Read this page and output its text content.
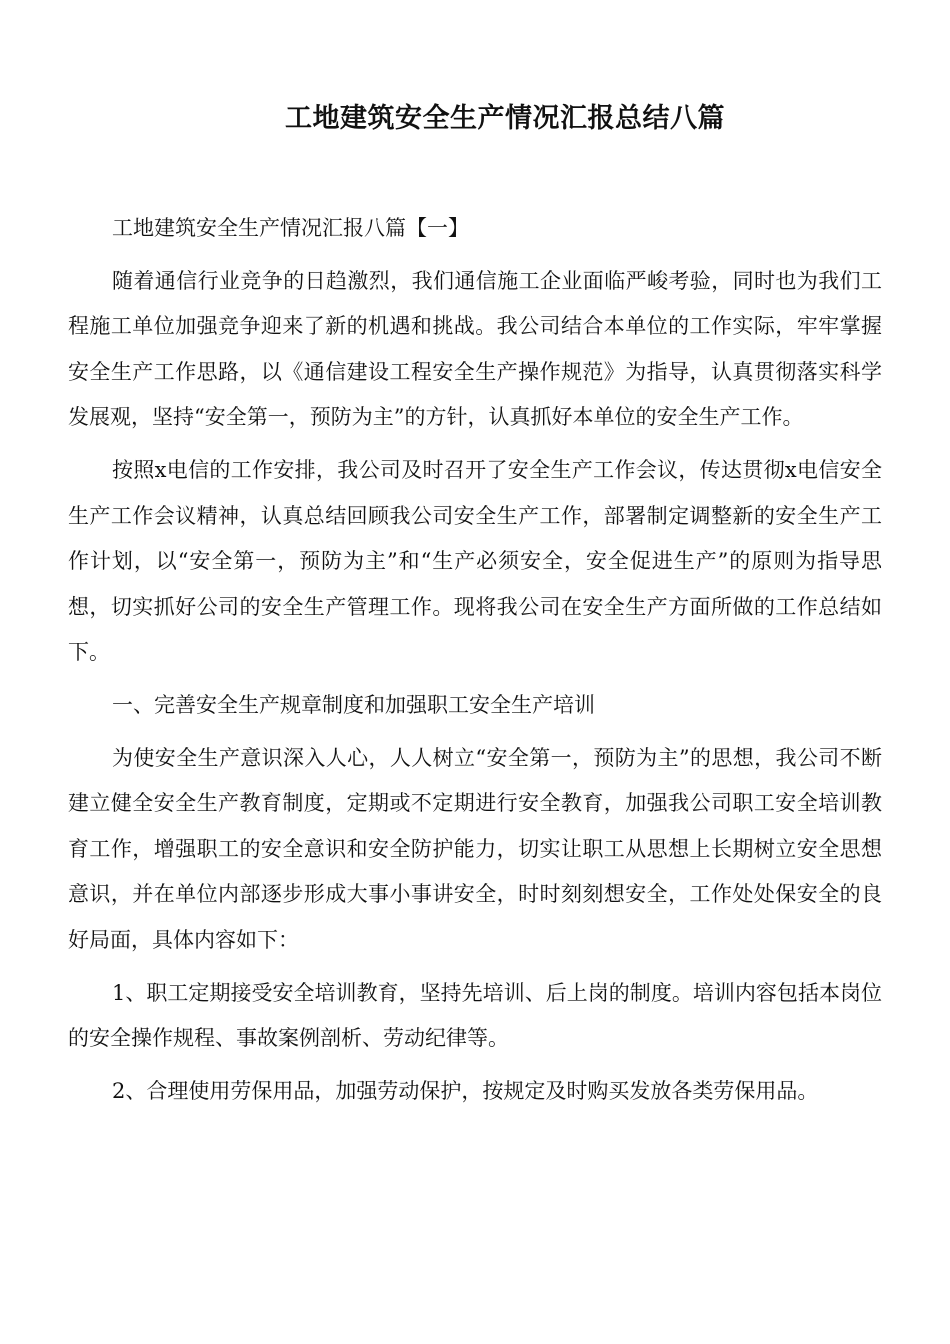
工地建筑安全生产情况汇报总结八篇

工地建筑安全生产情况汇报八篇【一】

随着通信行业竞争的日趋激烈，我们通信施工企业面临严峻考验，同时也为我们工程施工单位加强竞争迎来了新的机遇和挑战。我公司结合本单位的工作实际，牢牢掌握安全生产工作思路，以《通信建设工程安全生产操作规范》为指导，认真贯彻落实科学发展观，坚持“安全第一，预防为主”的方针，认真抓好本单位的安全生产工作。

按照x电信的工作安排，我公司及时召开了安全生产工作会议，传达贯彻x电信安全生产工作会议精神，认真总结回顾我公司安全生产工作，部署制定调整新的安全生产工作计划，以“安全第一，预防为主”和“生产必须安全，安全促进生产”的原则为指导思想，切实抓好公司的安全生产管理工作。现将我公司在安全生产方面所做的工作总结如下。

一、完善安全生产规章制度和加强职工安全生产培训

为使安全生产意识深入人心，人人树立“安全第一，预防为主”的思想，我公司不断建立健全安全生产教育制度，定期或不定期进行安全教育，加强我公司职工安全培训教育工作，增强职工的安全意识和安全防护能力，切实让职工从思想上长期树立安全思想意识，并在单位内部逐步形成大事小事讲安全，时时刻刻想安全，工作处处保安全的良好局面，具体内容如下：

1、职工定期接受安全培训教育，坚持先培训、后上岗的制度。培训内容包括本岗位的安全操作规程、事故案例剖析、劳动纪律等。

2、合理使用劳保用品，加强劳动保护，按规定及时购买发放各类劳保用品。
